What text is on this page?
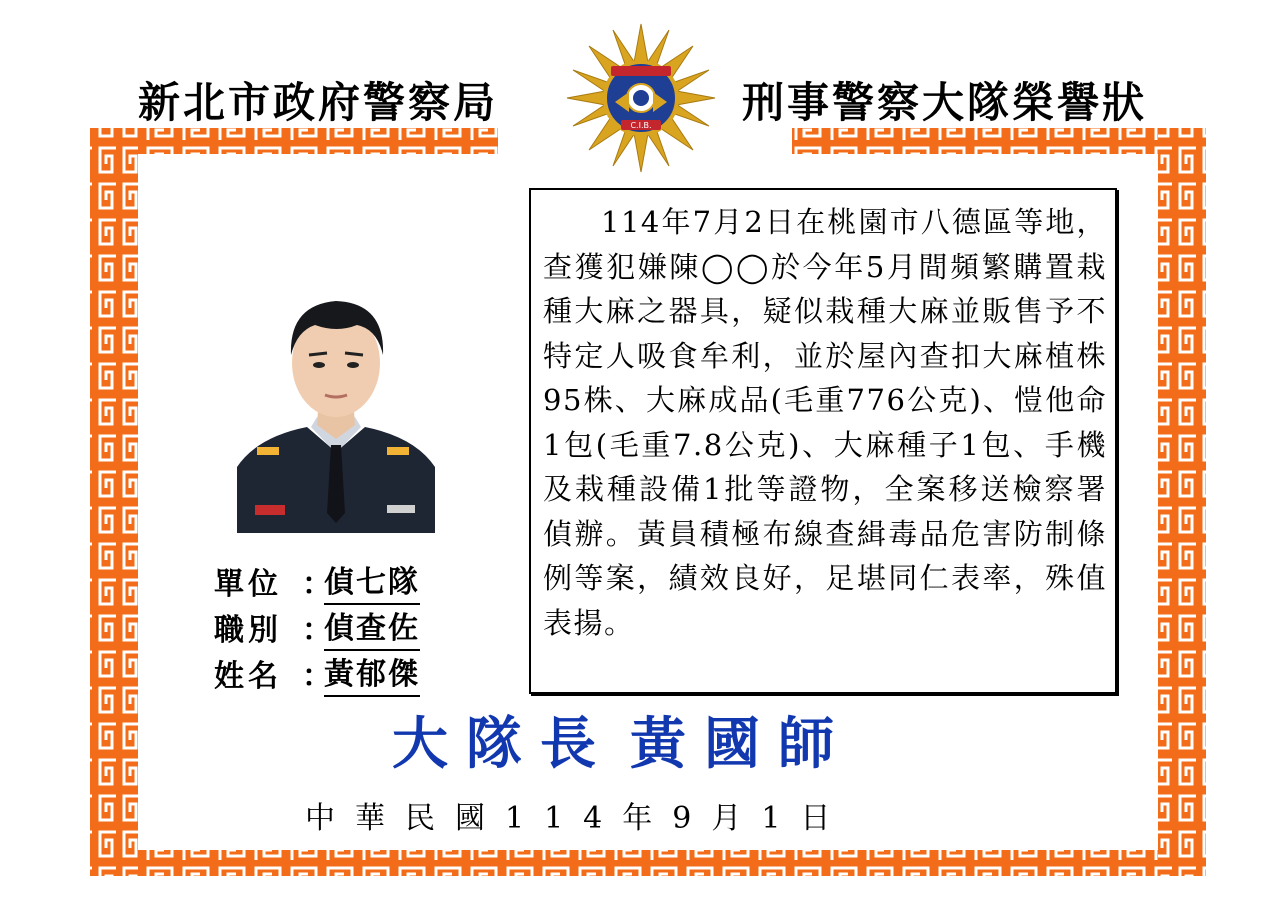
新北市政府警察局	刑事警察大隊榮譽狀
C.I.B.
單位 ：
偵七隊
職別 ：
偵查佐
姓名 ：
黃郁傑

114年7月2日在桃園市八德區等地，查獲犯嫌陳◯◯於今年5月間頻繁購置栽種大麻之器具，疑似栽種大麻並販售予不特定人吸食牟利，並於屋內查扣大麻植株95株、大麻成品(毛重776公克)、愷他命1包(毛重7.8公克)、大麻種子1包、手機及栽種設備1批等證物，全案移送檢察署偵辦。黃員積極布線查緝毒品危害防制條例等案，績效良好，足堪同仁表率，殊值表揚。

大隊長 黃國師
中華民國114年9月1日
